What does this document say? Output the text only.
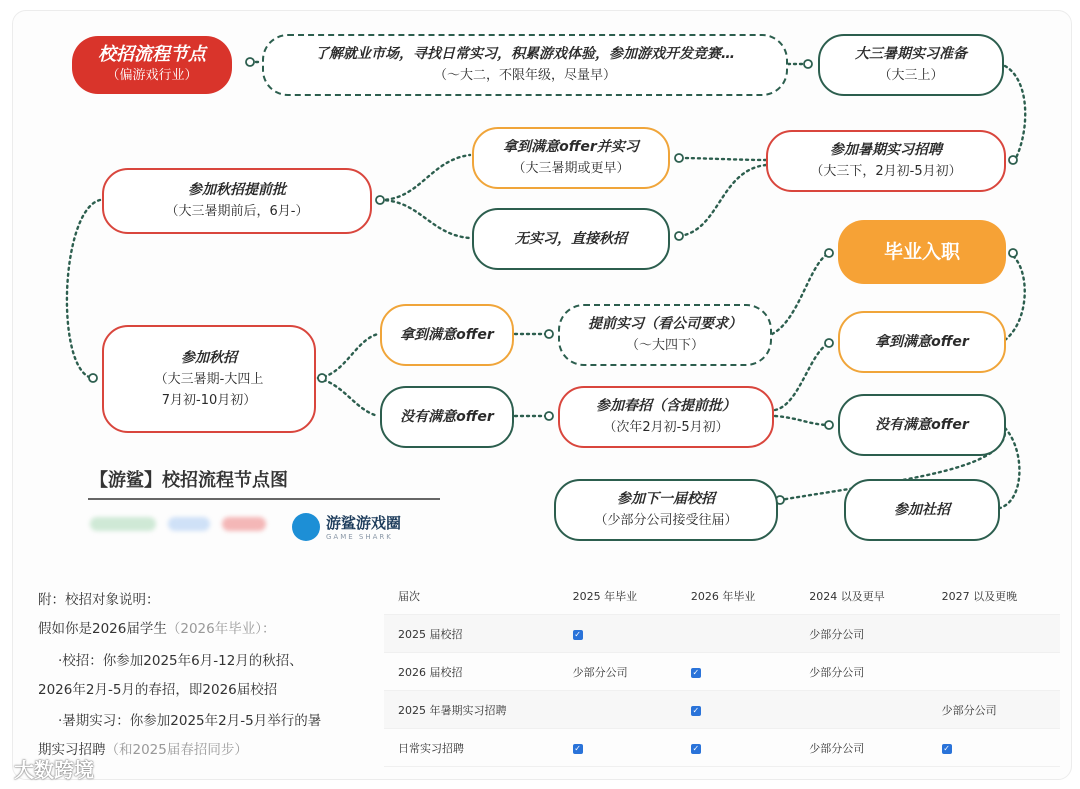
校招流程节点
（偏游戏行业）
了解就业市场，寻找日常实习，积累游戏体验，参加游戏开发竞赛…
（～大二，不限年级，尽量早）
大三暑期实习准备
（大三上）
参加暑期实习招聘
（大三下，2月初-5月初）
拿到满意offer并实习
（大三暑期或更早）
无实习，直接秋招
参加秋招提前批
（大三暑期前后，6月-）
参加秋招
（大三暑期-大四上
7月初-10月初）
拿到满意offer
没有满意offer
提前实习（看公司要求）
（～大四下）
参加春招（含提前批）
（次年2月初-5月初）
毕业入职
拿到满意offer
没有满意offer
参加下一届校招
（少部分公司接受往届）
参加社招
【游鲨】校招流程节点图
游鲨游戏圈
GAME SHARK
附：校招对象说明：
假如你是2026届学生（2026年毕业）：
·校招：你参加2025年6月-12月的秋招、
2026年2月-5月的春招，即2026届校招
·暑期实习：你参加2025年2月-5月举行的暑
期实习招聘（和2025届春招同步）
届次	2025 年毕业	2026 年毕业	2024 以及更早	2027 以及更晚
2025 届校招	✓		少部分公司	
2026 届校招	少部分公司	✓	少部分公司	
2025 年暑期实习招聘		✓		少部分公司
日常实习招聘	✓	✓	少部分公司	✓
大数跨境
